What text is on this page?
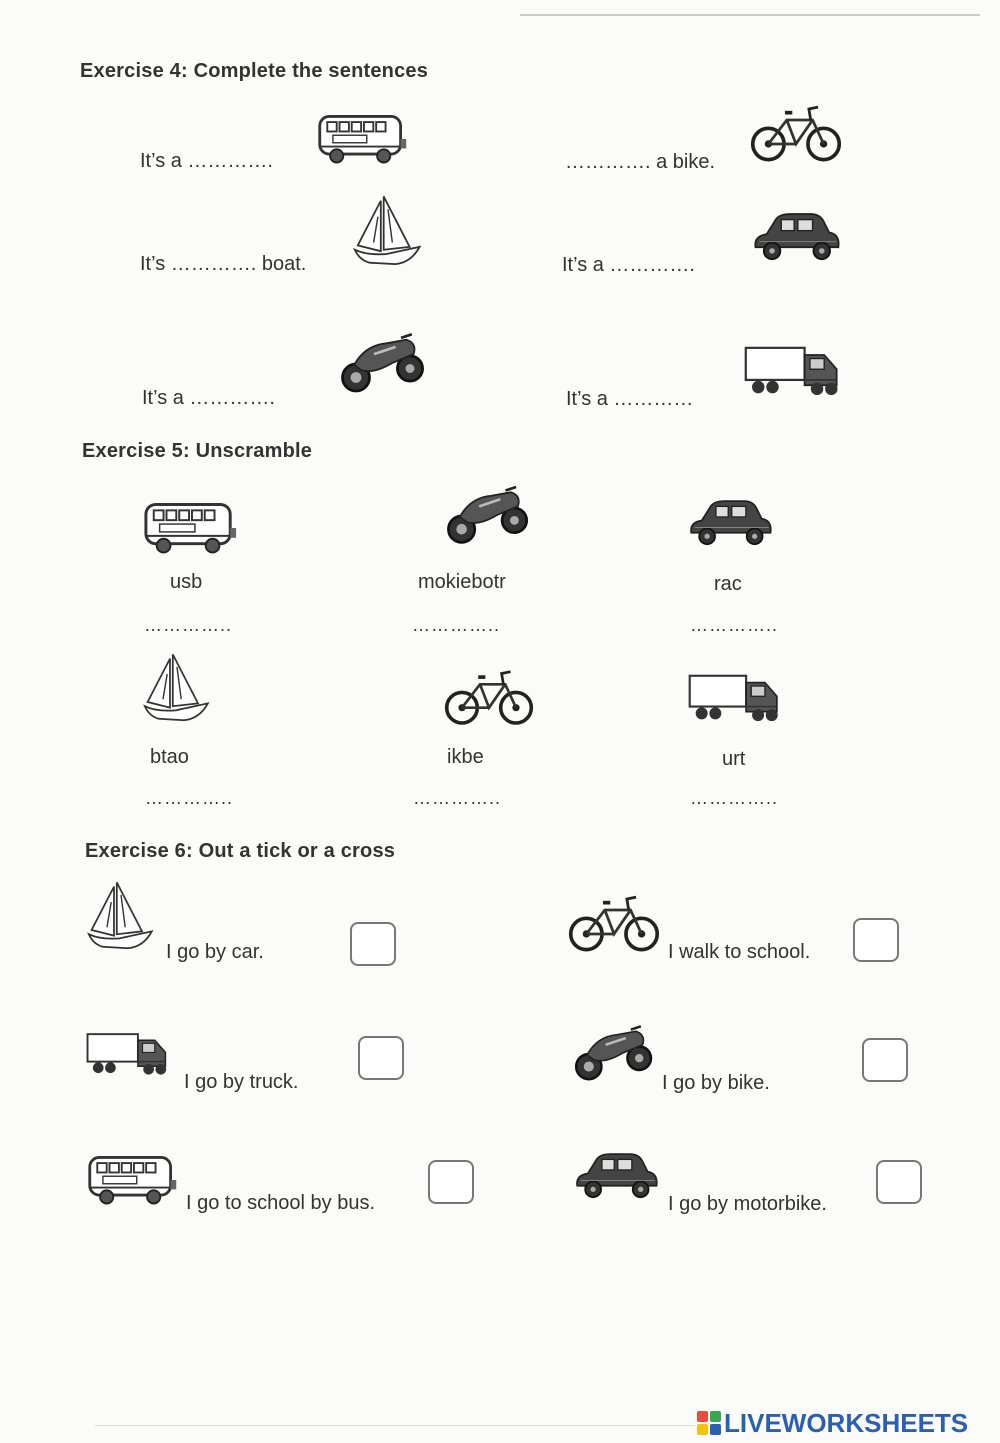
Exercise 4: Complete the sentences
It’s a ………….	…………. a bike.
It’s …………. boat.	It’s a ………….
It’s a ………….	It’s a …………
Exercise 5: Unscramble
usb	mokiebotr	rac
…………..	…………..	…………..
btao	ikbe	urt
…………..	…………..	…………..
Exercise 6: Out a tick or a cross
I go by car.	I walk to school.
I go by truck.	I go by bike.
I go to school by bus.	I go by motorbike.
LIVEWORKSHEETS
